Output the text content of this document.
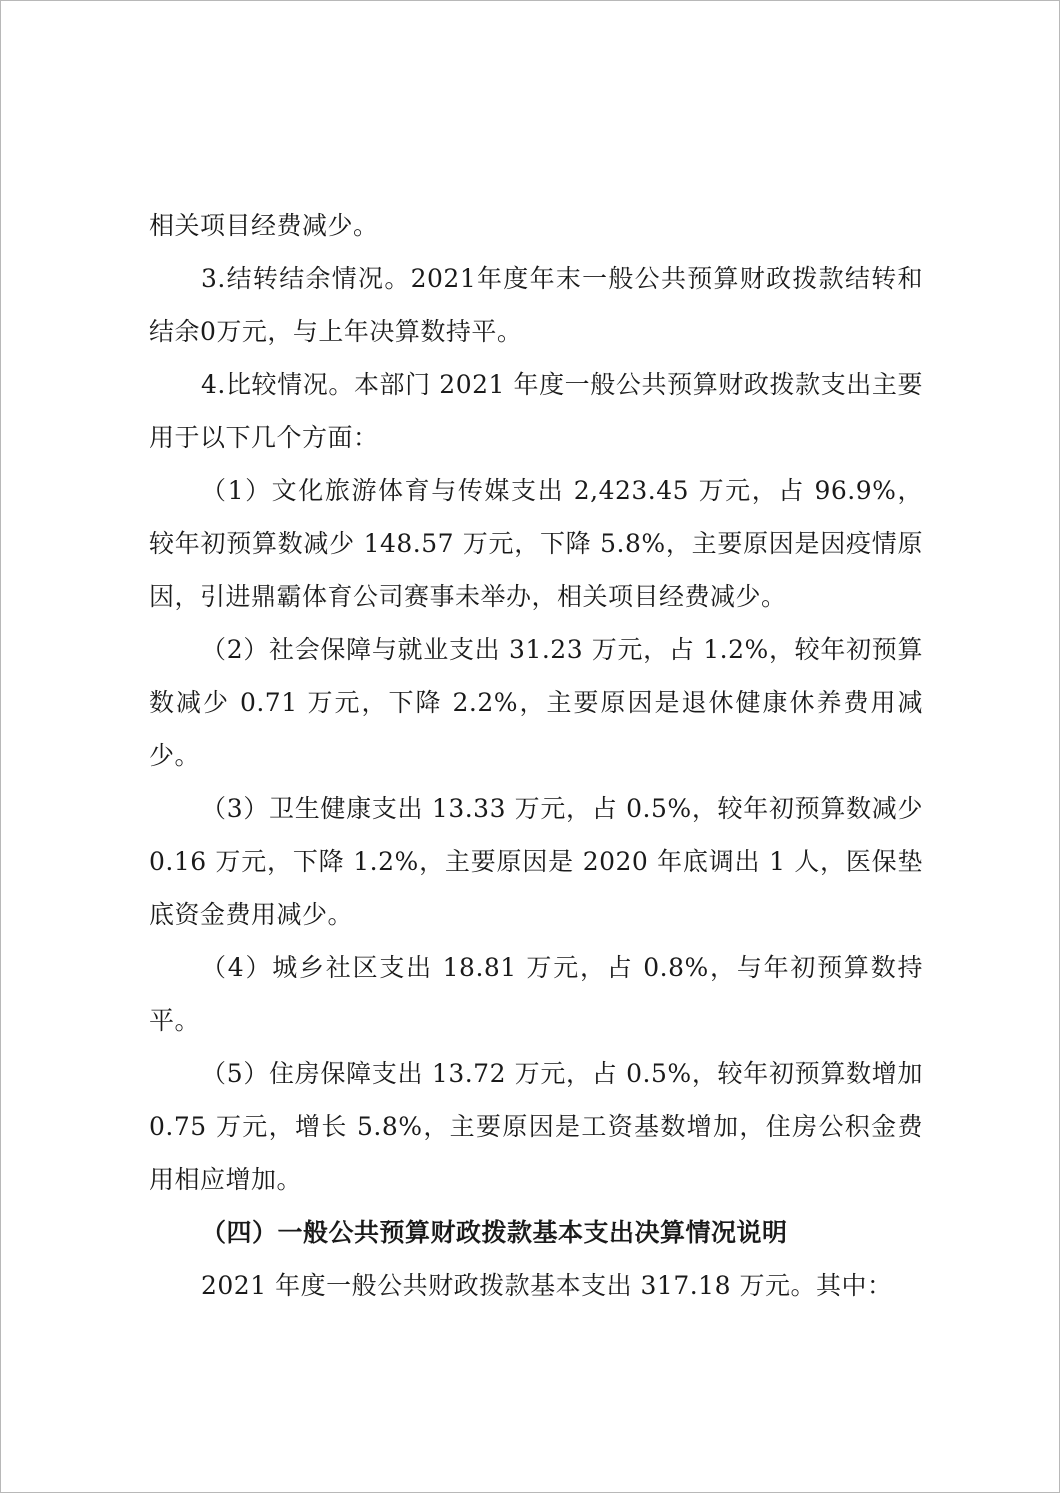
相关项目经费减少。

3.结转结余情况。2021年度年末一般公共预算财政拨款结转和结余0万元，与上年决算数持平。

4.比较情况。本部门 2021 年度一般公共预算财政拨款支出主要用于以下几个方面：

（1）文化旅游体育与传媒支出 2,423.45 万元，占 96.9%，较年初预算数减少 148.57 万元，下降 5.8%，主要原因是因疫情原因，引进鼎霸体育公司赛事未举办，相关项目经费减少。

（2）社会保障与就业支出 31.23 万元，占 1.2%，较年初预算数减少 0.71 万元，下降 2.2%，主要原因是退休健康休养费用减少。

（3）卫生健康支出 13.33 万元，占 0.5%，较年初预算数减少 0.16 万元，下降 1.2%，主要原因是 2020 年底调出 1 人，医保垫底资金费用减少。

（4）城乡社区支出 18.81 万元，占 0.8%，与年初预算数持平。

（5）住房保障支出 13.72 万元，占 0.5%，较年初预算数增加 0.75 万元，增长 5.8%，主要原因是工资基数增加，住房公积金费用相应增加。

（四）一般公共预算财政拨款基本支出决算情况说明

2021 年度一般公共财政拨款基本支出 317.18 万元。其中：
